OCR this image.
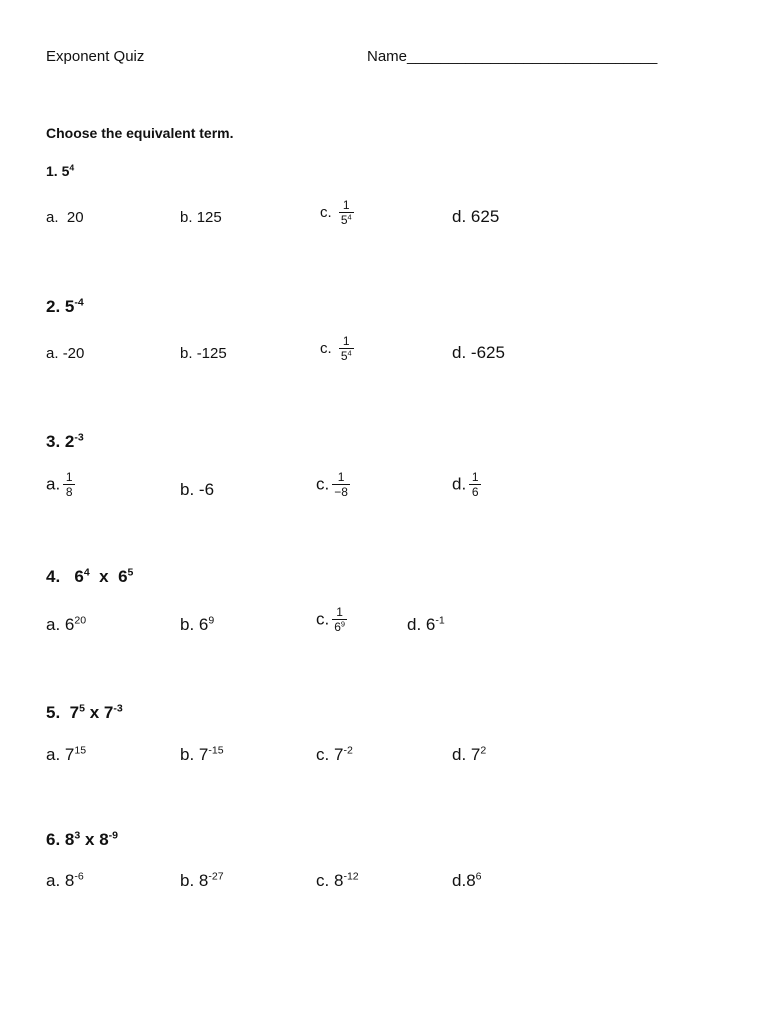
Exponent Quiz	Name______________________________
Choose the equivalent term.
1. $5^4$
a. 20	b. 125	c. $\frac{1}{5^4}$	d. 625
2. $5^{-4}$
a. -20	b. -125	c. $\frac{1}{5^4}$	d. -625
3. $2^{-3}$
a. $\frac{1}{8}$	b. -6	c. $\frac{1}{-8}$	d. $\frac{1}{6}$
4. $6^4$ x $6^5$
a. $6^{20}$	b. $6^9$	c. $\frac{1}{6^9}$	d. $6^{-1}$
5. $7^5$ x $7^{-3}$
a. $7^{15}$	b. $7^{-15}$	c. $7^{-2}$	d. $7^2$
6. $8^3$ x $8^{-9}$
a. $8^{-6}$	b. $8^{-27}$	c. $8^{-12}$	$d.8^6$
